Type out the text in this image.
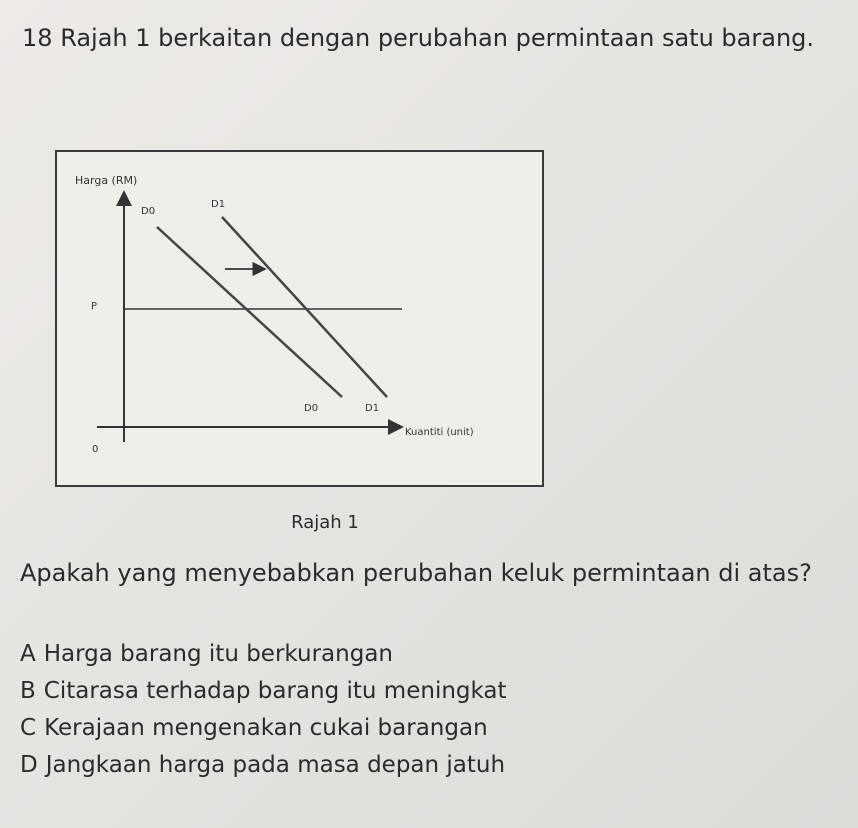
18 Rajah 1 berkaitan dengan perubahan permintaan satu barang.

Harga (RM)
Kuantiti (unit)
0
P
D0
D1
D0	D1
Rajah 1

Apakah yang menyebabkan perubahan keluk permintaan di atas?

A Harga barang itu berkurangan
B Citarasa terhadap barang itu meningkat
C Kerajaan mengenakan cukai barangan
D Jangkaan harga pada masa depan jatuh
